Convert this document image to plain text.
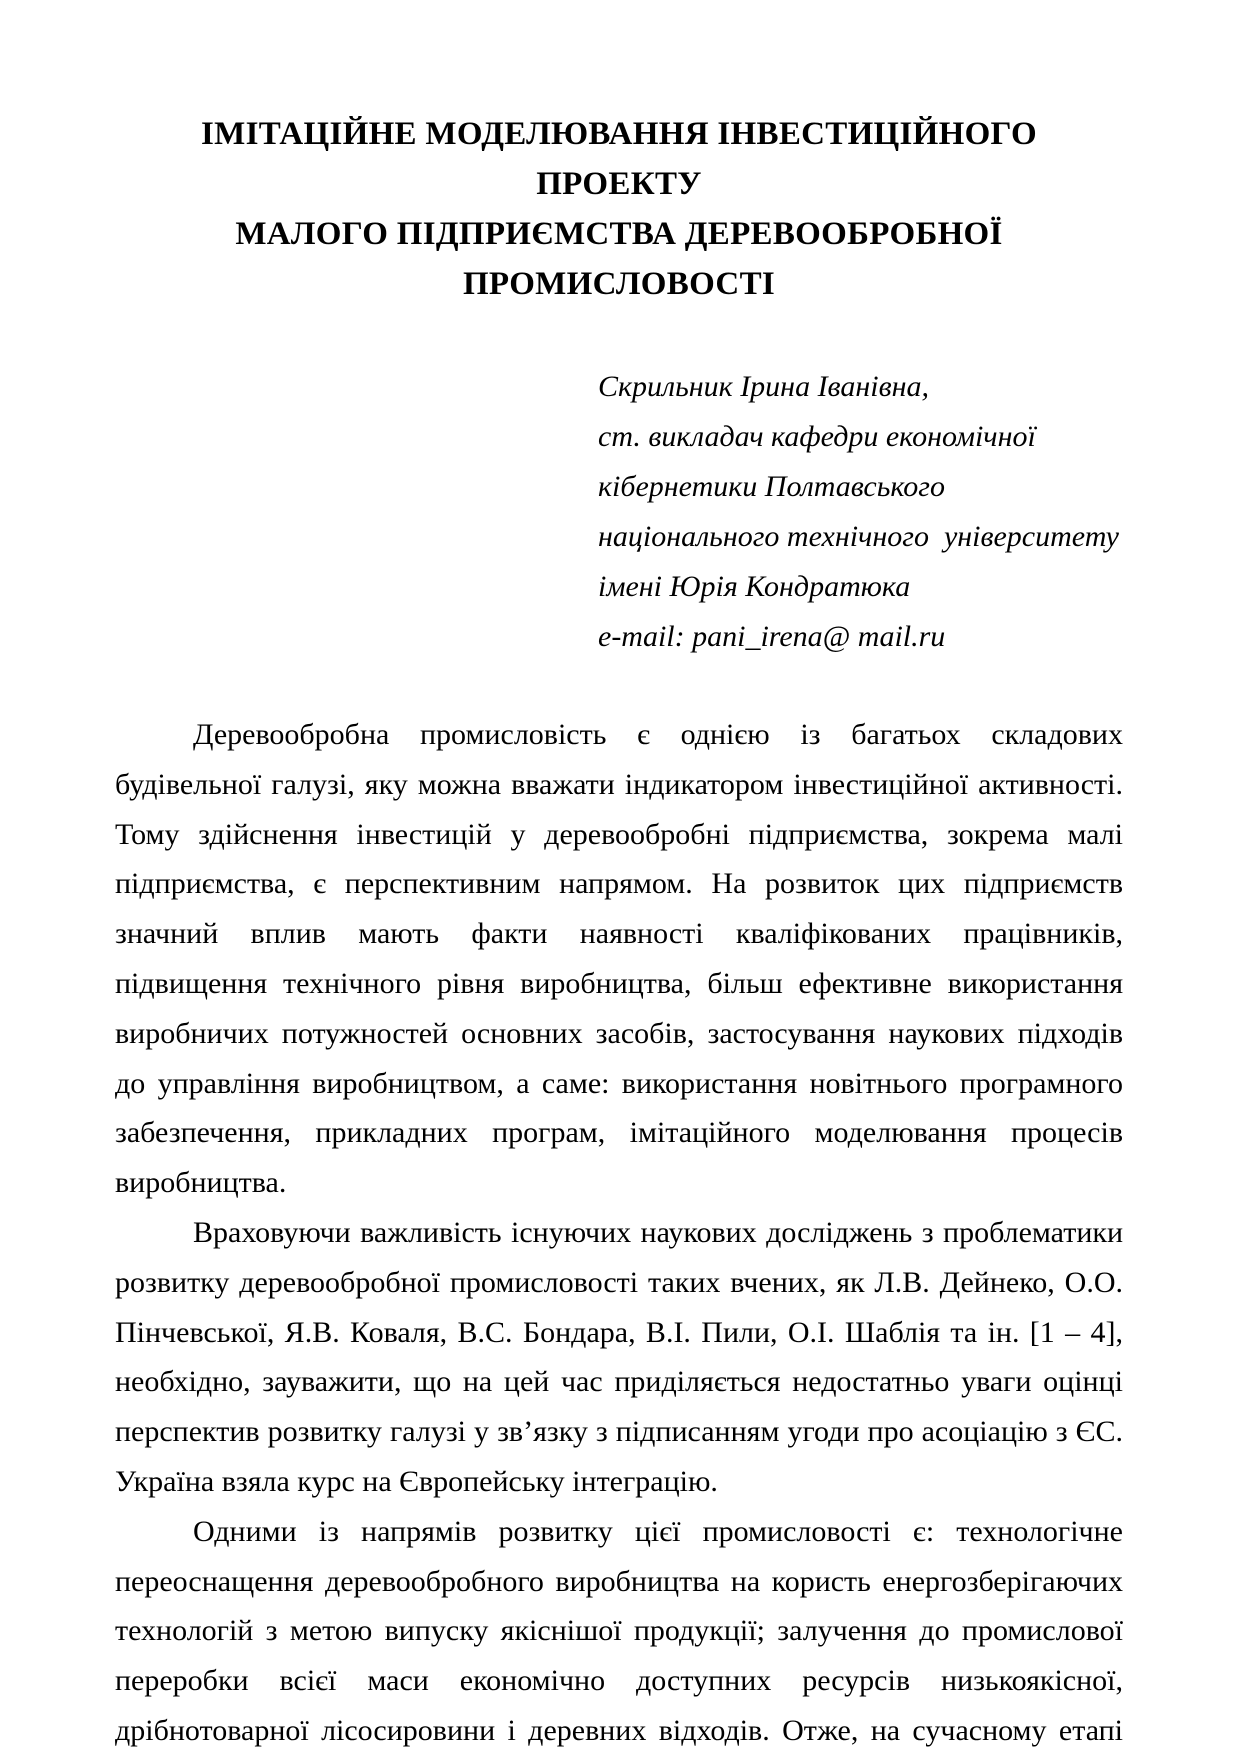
ІМІТАЦІЙНЕ МОДЕЛЮВАННЯ ІНВЕСТИЦІЙНОГО ПРОЕКТУ
МАЛОГО ПІДПРИЄМСТВА ДЕРЕВООБРОБНОЇ ПРОМИСЛОВОСТІ
Скрильник Ірина Іванівна,
ст. викладач кафедри економічної
кібернетики Полтавського
національного технічного  університету
імені Юрія Кондратюка
e-mail: pani_irena@ mail.ru

Деревообробна промисловість є однією із багатьох складових будівельної галузі, яку можна вважати індикатором інвестиційної активності. Тому здійснення інвестицій у деревообробні підприємства, зокрема малі підприємства, є перспективним напрямом. На розвиток цих підприємств значний вплив мають факти наявності кваліфікованих працівників, підвищення технічного рівня виробництва, більш ефективне використання виробничих потужностей основних засобів, застосування наукових підходів до управління виробництвом, а саме: використання новітнього програмного забезпечення, прикладних програм, імітаційного моделювання процесів виробництва.

Враховуючи важливість існуючих наукових досліджень з проблематики розвитку деревообробної промисловості таких вчених, як Л.В. Дейнеко, О.О. Пінчевської, Я.В. Коваля, В.С. Бондара, В.І. Пили, О.І. Шаблія та ін. [1 – 4], необхідно, зауважити, що на цей час приділяється недостатньо уваги оцінці перспектив розвитку галузі у зв’язку з підписанням угоди про асоціацію з ЄС. Україна взяла курс на Європейську інтеграцію.

Одними із напрямів розвитку цієї промисловості є: технологічне переоснащення деревообробного виробництва на користь енергозберігаючих технологій з метою випуску якіснішої продукції; залучення до промислової переробки всієї маси економічно доступних ресурсів низькоякісної, дрібнотоварної лісосировини і деревних відходів. Отже, на сучасному етапі
